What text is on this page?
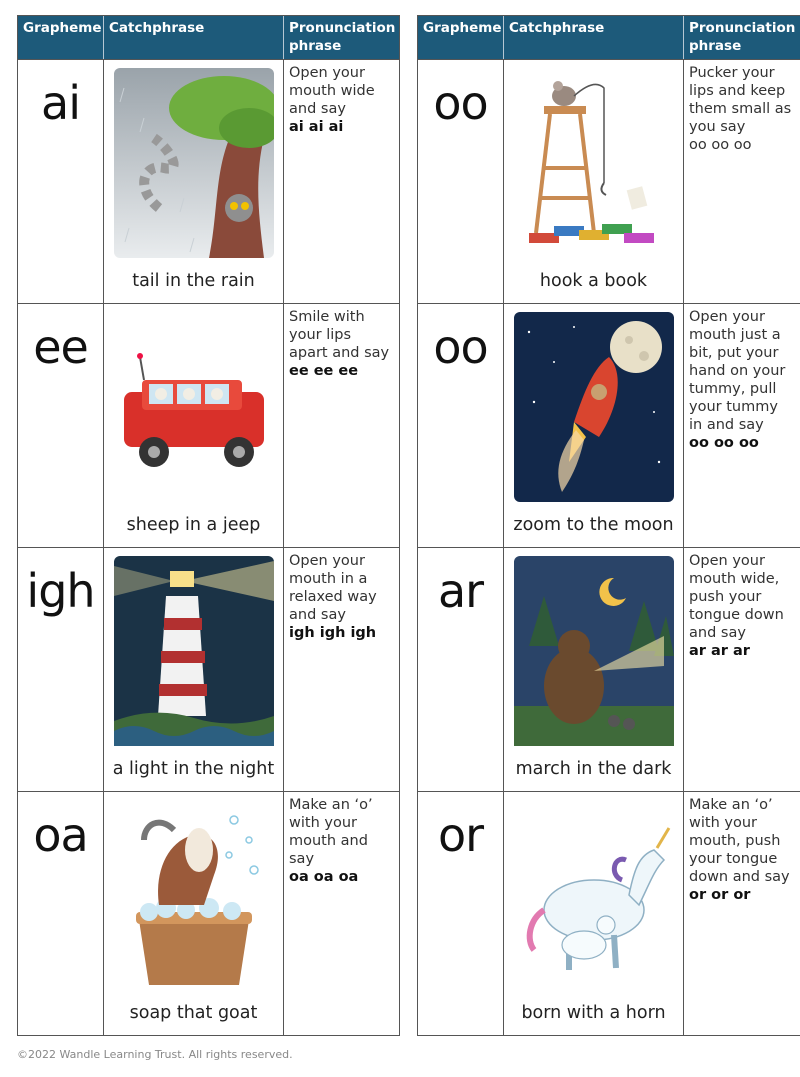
Grapheme Catchphrase	Pronunciation phrase
ai
tail in the rain
Open your mouth wide and say
ai ai ai
ee
sheep in a jeep
Smile with your lips apart and say
ee ee ee
igh
a light in the night
Open your mouth in a relaxed way and say
igh igh igh
oa
soap that goat
Make an ‘o’ with your mouth and say
oa oa oa
Grapheme Catchphrase	Pronunciation phrase
oo
hook a book
Pucker your lips and keep them small as you say
oo oo oo
oo
zoom to the moon
Open your mouth just a bit, put your hand on your tummy, pull your tummy in and say
oo oo oo
ar
march in the dark
Open your mouth wide, push your tongue down and say
ar ar ar
or
born with a horn
Make an ‘o’ with your mouth, push your tongue down and say
or or or
©2022 Wandle Learning Trust. All rights reserved.
